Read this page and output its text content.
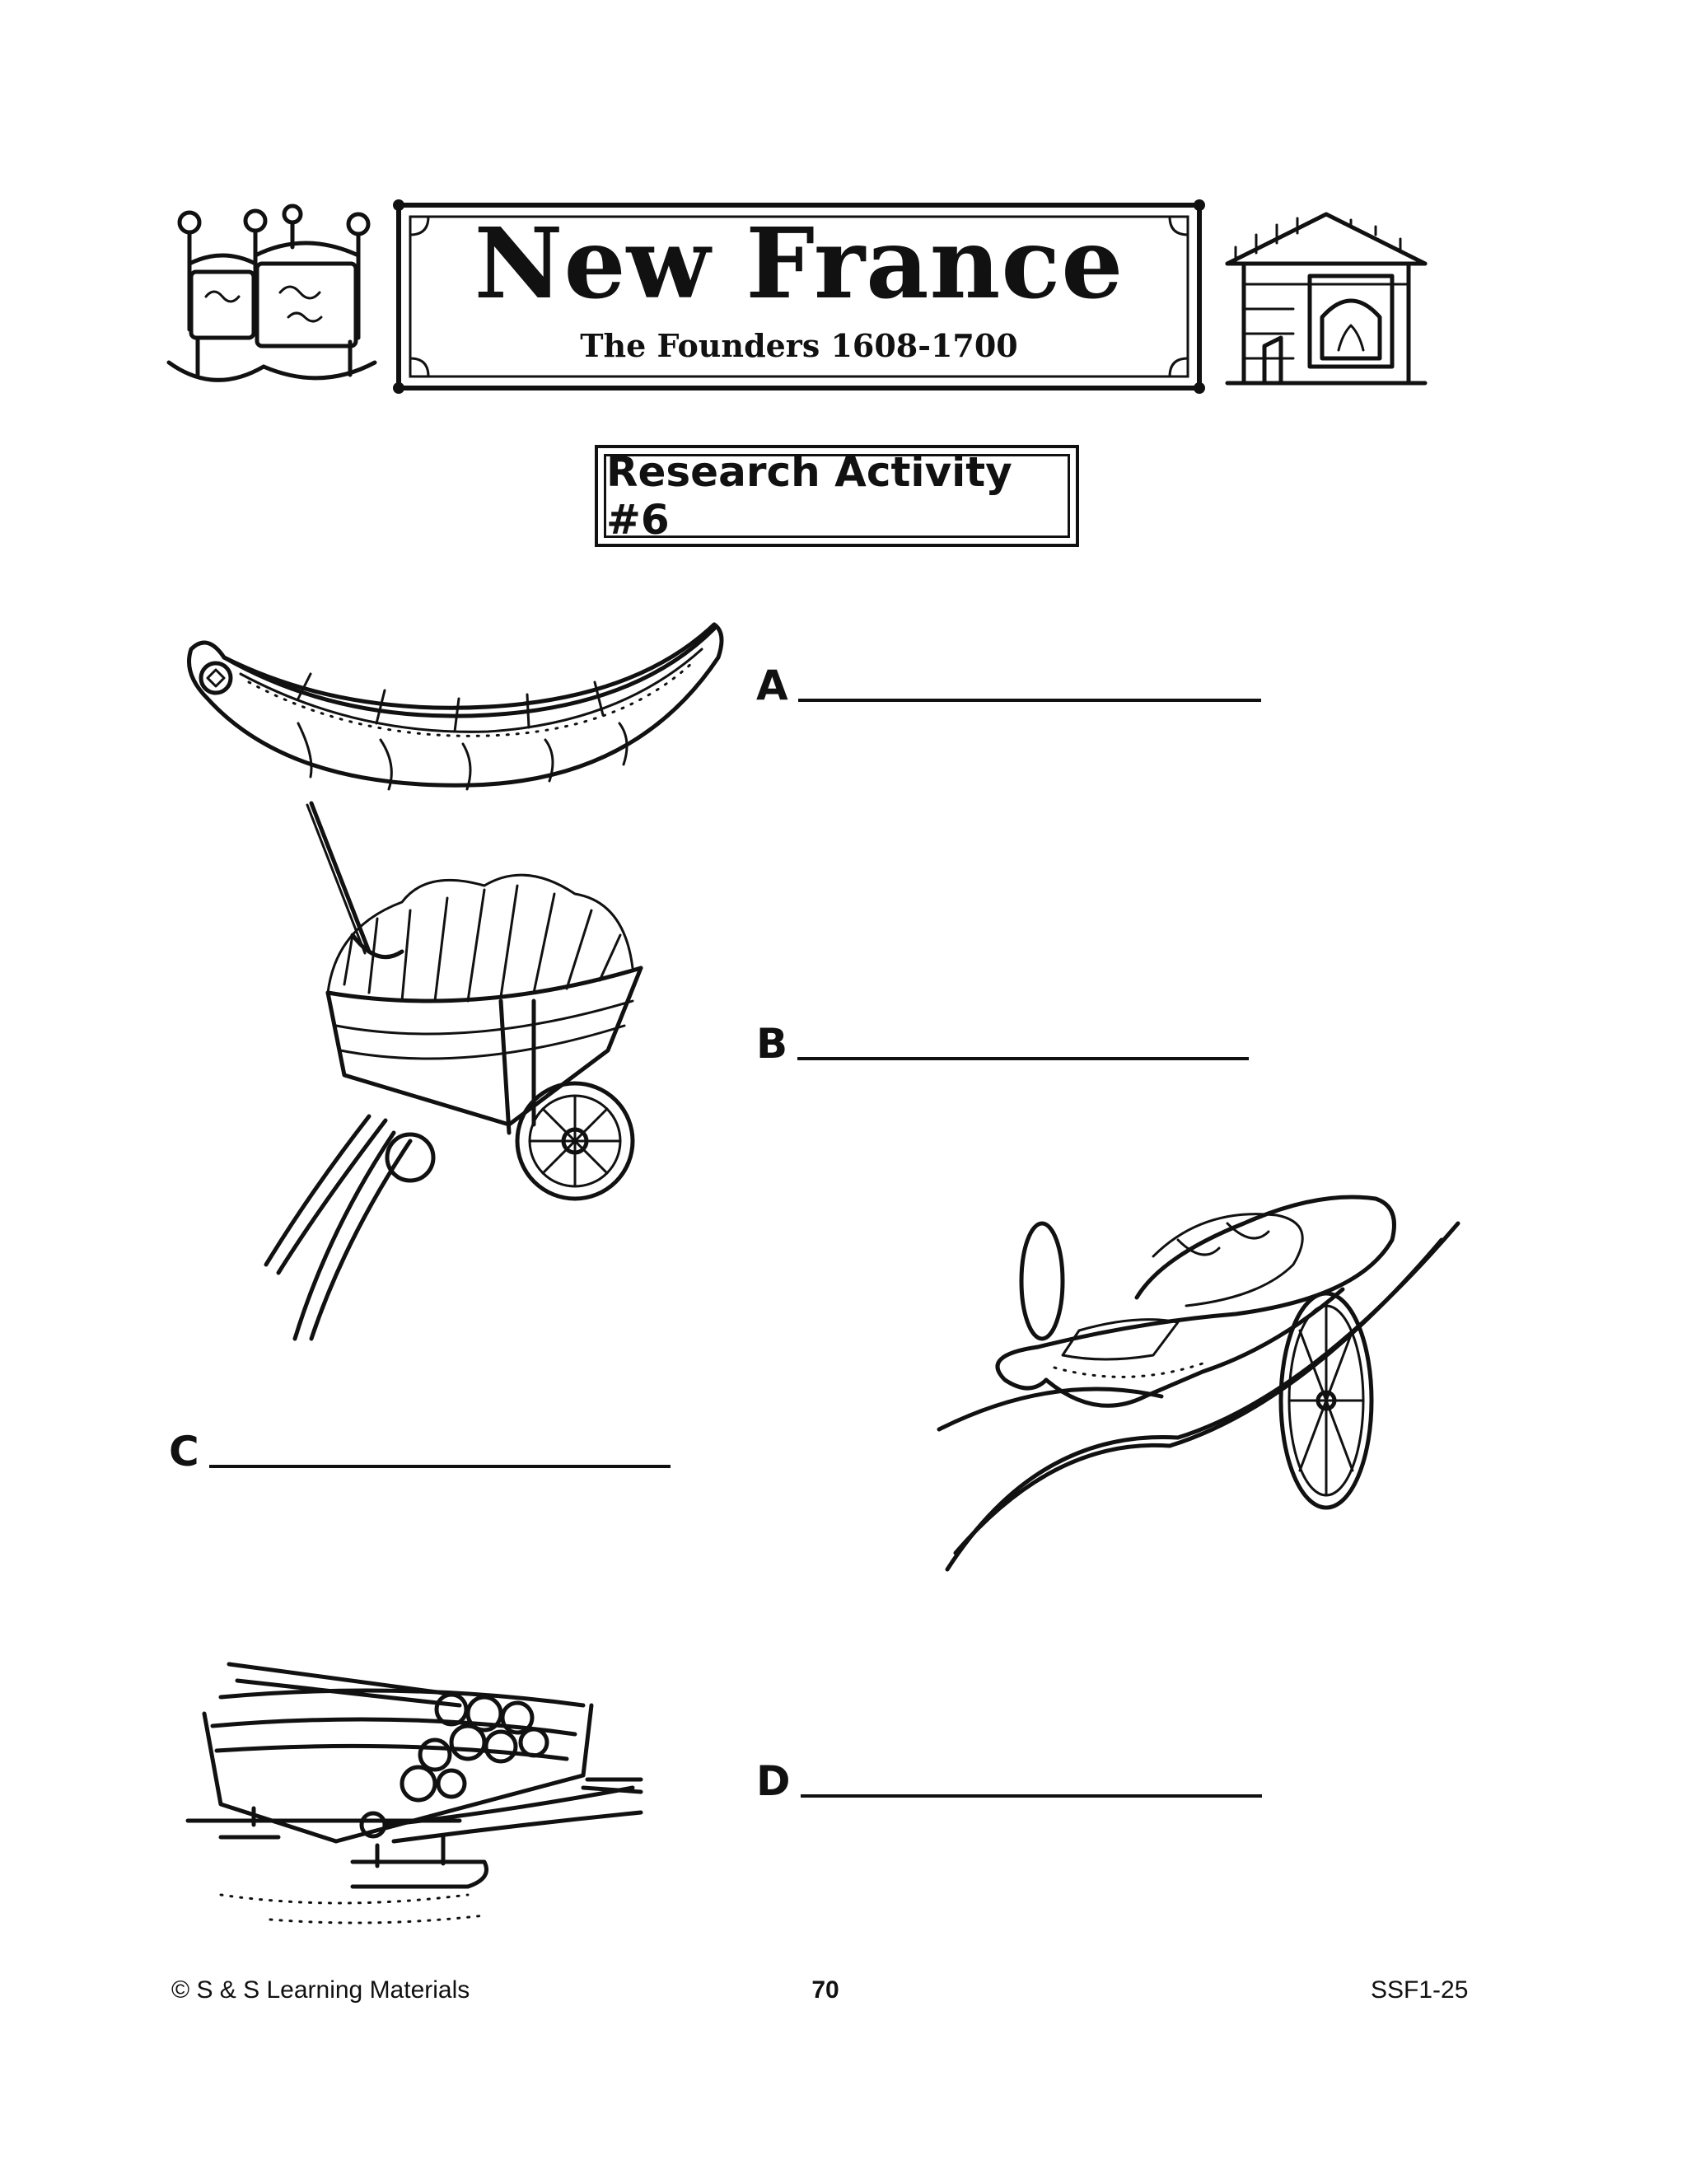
New France
The Founders 1608-1700
Research Activity #6
A
B
C
D
© S & S Learning Materials	70	SSF1-25
